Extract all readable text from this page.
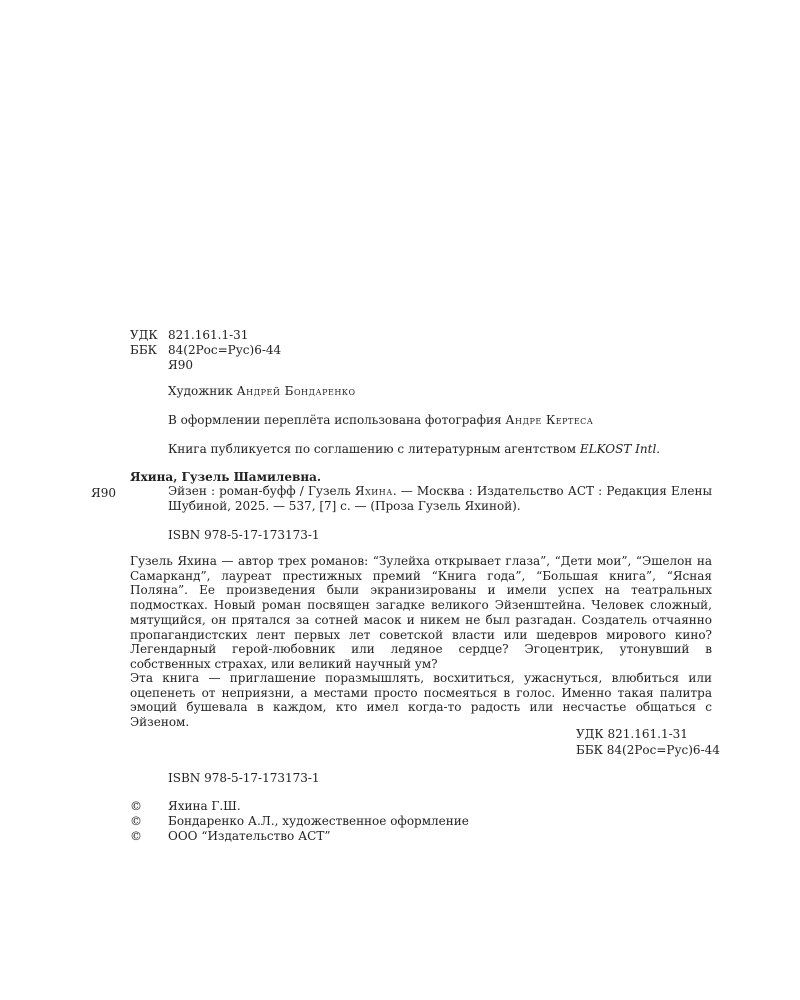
УДК 821.161.1-31
ББК 84(2Рос=Рус)6-44
Я90
Художник Андрей Бондаренко
В оформлении переплёта использована фотография Андре Кертеса
Книга публикуется по соглашению с литературным агентством ELKOST Intl.
Яхина, Гузель Шамилевна.
Я90	Эйзен : роман-буфф / Гузель Яхина. — Москва : Издательство АСТ : Редакция Елены Шубиной, 2025. — 537, [7] с. — (Проза Гузель Яхиной).

ISBN 978-5-17-173173-1

Гузель Яхина — автор трех романов: “Зулейха открывает глаза”, “Дети мои”, “Эшелон на Самарканд”, лауреат престижных премий “Книга года”, “Большая книга”, “Ясная Поляна”. Ее произведения были экранизированы и имели успех на театральных подмостках. Новый роман посвящен загадке великого Эйзенштейна. Человек сложный, мятущийся, он прятался за сотней масок и никем не был разгадан. Создатель отчаянно пропагандистских лент первых лет советской власти или шедевров мирового кино? Легендарный герой-любовник или ледяное сердце? Эгоцентрик, утонувший в собственных страхах, или великий научный ум?

Эта книга — приглашение поразмышлять, восхититься, ужаснуться, влюбиться или оцепенеть от неприязни, а местами просто посмеяться в голос. Именно такая палитра эмоций бушевала в каждом, кто имел когда-то радость или несчастье общаться с Эйзеном.

УДК 821.161.1-31
ББК 84(2Рос=Рус)6-44
ISBN 978-5-17-173173-1
© Яхина Г.Ш.
© Бондаренко А.Л., художественное оформление
© ООО “Издательство АСТ”
